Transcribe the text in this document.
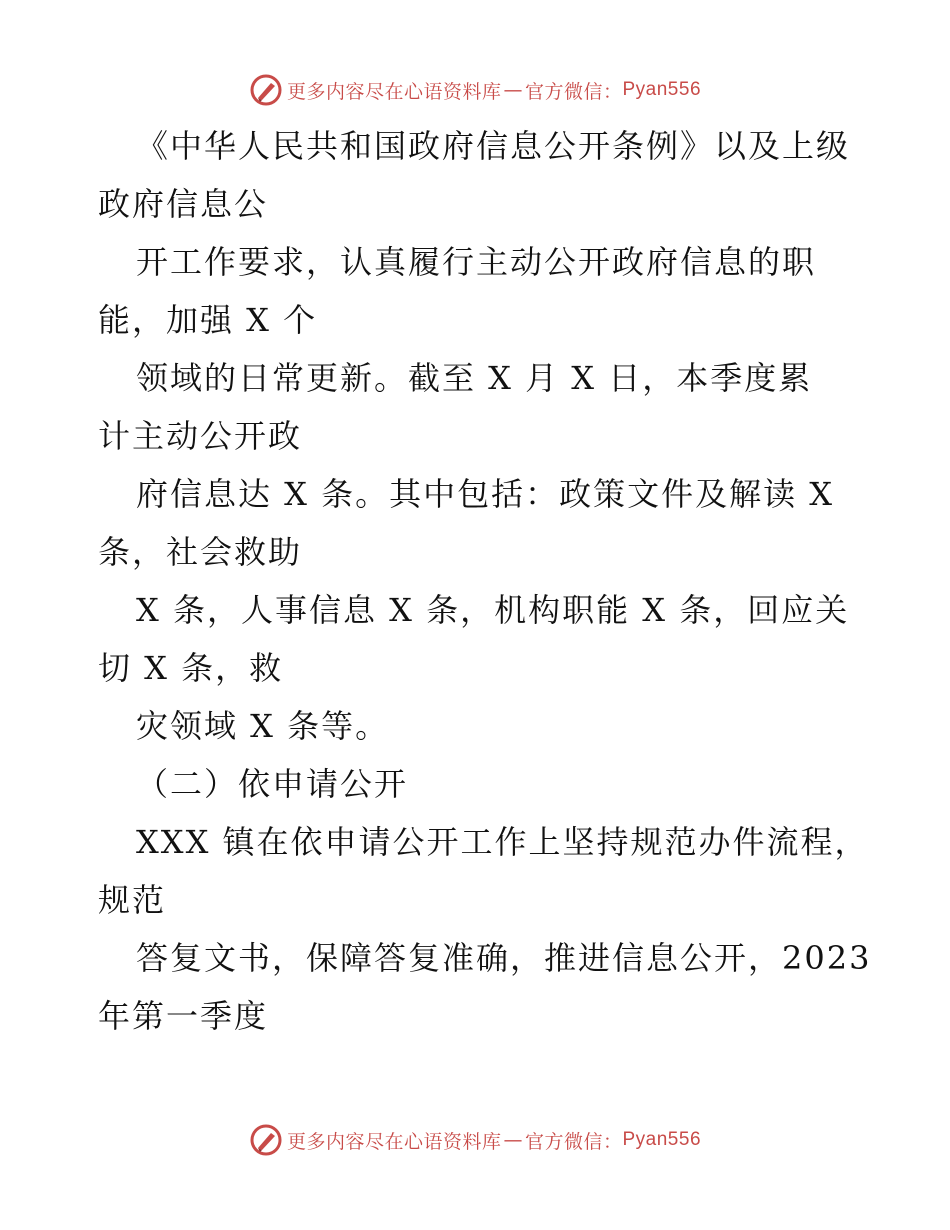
更多内容尽在心语资料库 — 官方微信： Pyan556
《中华人民共和国政府信息公开条例》以及上级
政府信息公
开工作要求，认真履行主动公开政府信息的职
能，加强 X 个
领域的日常更新。截至 X 月 X 日，本季度累
计主动公开政
府信息达 X 条。其中包括：政策文件及解读 X
条，社会救助
X 条，人事信息 X 条，机构职能 X 条，回应关
切 X 条，救
灾领域 X 条等。
（二）依申请公开
XXX 镇在依申请公开工作上坚持规范办件流程，
规范
答复文书，保障答复准确，推进信息公开，2023
年第一季度
更多内容尽在心语资料库 — 官方微信： Pyan556
